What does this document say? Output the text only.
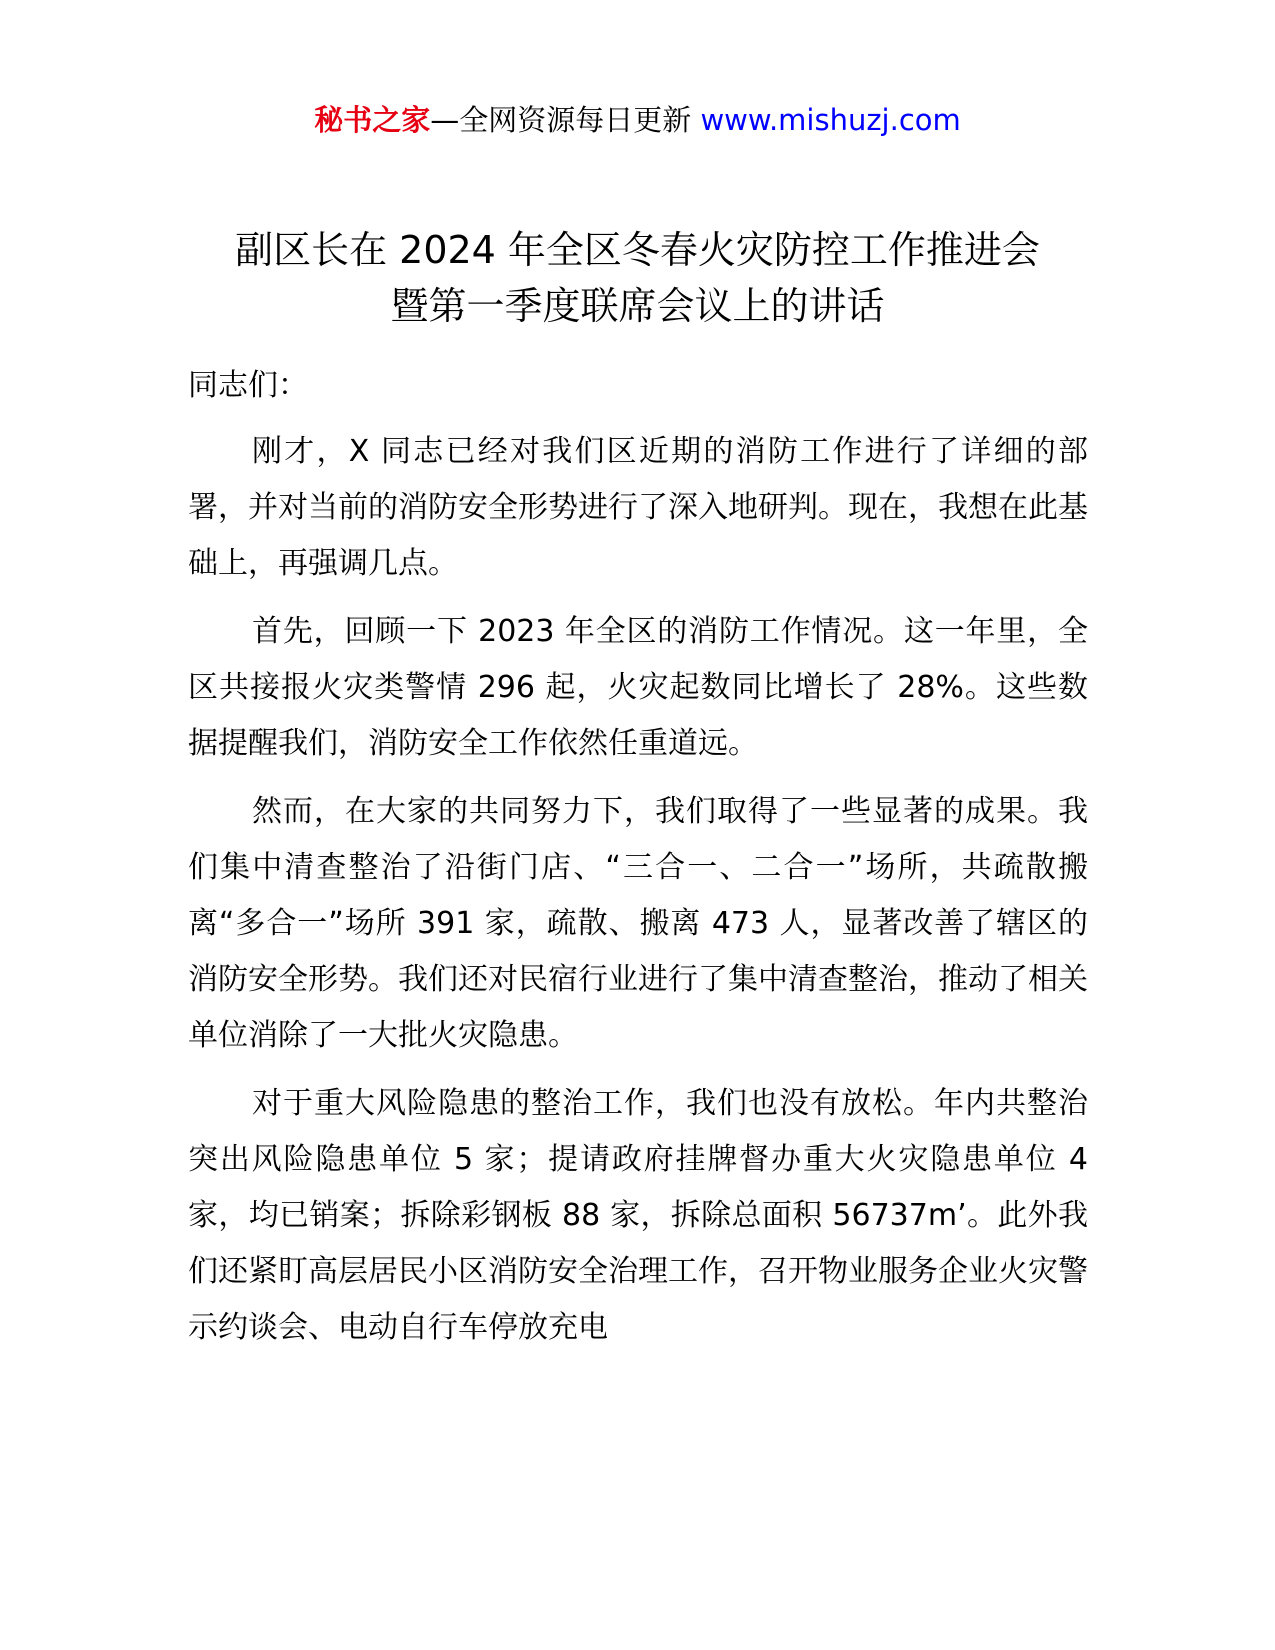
秘书之家—全网资源每日更新 www.mishuzj.com
副区长在 2024 年全区冬春火灾防控工作推进会
暨第一季度联席会议上的讲话

同志们：

刚才，X 同志已经对我们区近期的消防工作进行了详细的部署，并对当前的消防安全形势进行了深入地研判。现在，我想在此基础上，再强调几点。

首先，回顾一下 2023 年全区的消防工作情况。这一年里，全区共接报火灾类警情 296 起，火灾起数同比增长了 28%。这些数据提醒我们，消防安全工作依然任重道远。

然而，在大家的共同努力下，我们取得了一些显著的成果。我们集中清查整治了沿街门店、“三合一、二合一”场所，共疏散搬离“多合一”场所 391 家，疏散、搬离 473 人，显著改善了辖区的消防安全形势。我们还对民宿行业进行了集中清查整治，推动了相关单位消除了一大批火灾隐患。

对于重大风险隐患的整治工作，我们也没有放松。年内共整治突出风险隐患单位 5 家；提请政府挂牌督办重大火灾隐患单位 4 家，均已销案；拆除彩钢板 88 家，拆除总面积 56737m’。此外我们还紧盯高层居民小区消防安全治理工作，召开物业服务企业火灾警示约谈会、电动自行车停放充电
